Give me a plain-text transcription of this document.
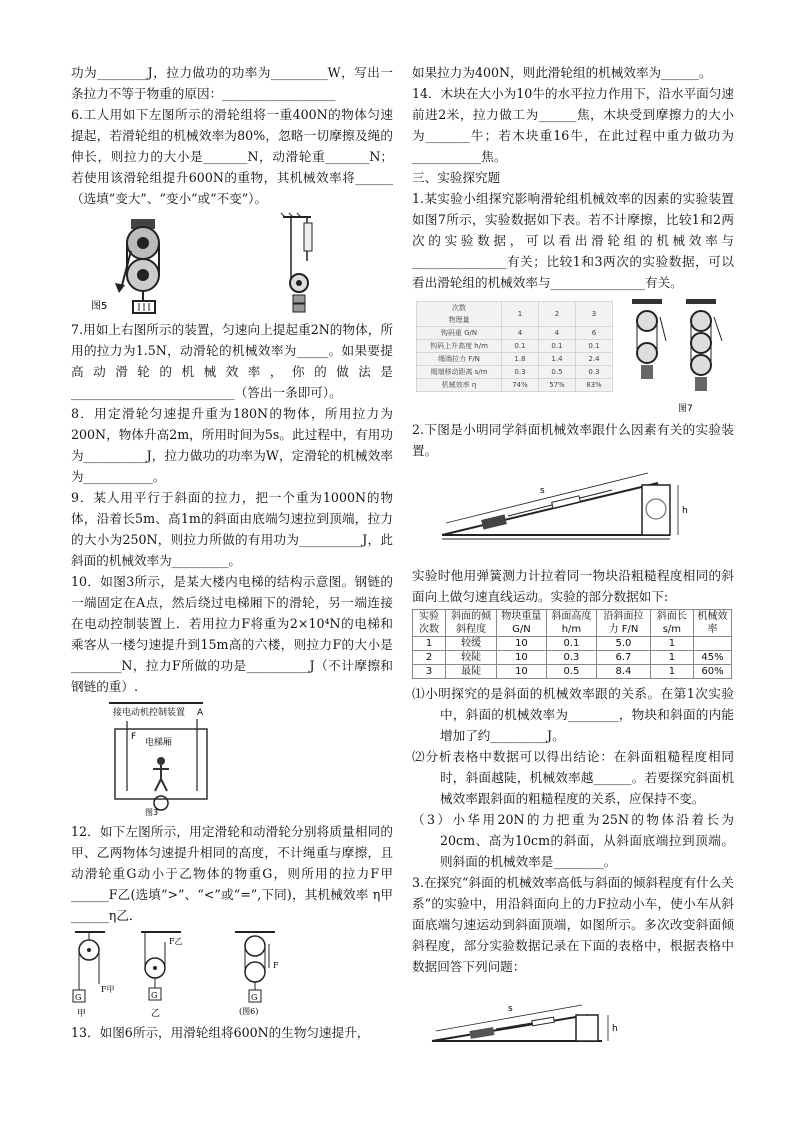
功为________J，拉力做功的功率为_________W，写出一条拉力不等于物重的原因：__________________

6.工人用如下左图所示的滑轮组将一重400N的物体匀速提起，若滑轮组的机械效率为80%，忽略一切摩擦及绳的伸长，则拉力的大小是_______N，动滑轮重_______N；若使用该滑轮组提升600N的重物，其机械效率将______（选填“变大”、“变小”或“不变”）。

图5

7.用如上右图所示的装置，匀速向上提起重2N的物体，所用的拉力为1.5N，动滑轮的机械效率为_____。如果要提高动滑轮的机械效率，你的做法是__________________________（答出一条即可）。

8．用定滑轮匀速提升重为180N的物体，所用拉力为200N，物体升高2m，所用时间为5s。此过程中，有用功为__________J，拉力做功的功率为W，定滑轮的机械效率为___________。

9．某人用平行于斜面的拉力，把一个重为1000N的物体，沿着长5m、高1m的斜面由底端匀速拉到顶端，拉力的大小为250N，则拉力所做的有用功为__________J，此斜面的机械效率为_________。

10．如图3所示，是某大楼内电梯的结构示意图。钢链的一端固定在A点，然后绕过电梯厢下的滑轮，另一端连接在电动控制装置上．若用拉力F将重为2×10⁴N的电梯和乘客从一楼匀速提升到15m高的六楼，则拉力F的大小是________N，拉力F所做的功是__________J（不计摩擦和钢链的重）.

接电动机控制装置 A
F
电梯厢
图3

12．如下左图所示，用定滑轮和动滑轮分别将质量相同的甲、乙两物体匀速提升相同的高度，不计绳重与摩擦，且动滑轮重G动小于乙物体的物重G，则所用的拉力F甲______F乙(选填“>”、“<”或“=”,下同)，其机械效率 η甲______η乙．

G
F甲
甲
G
F乙
乙
F
G
(图6)

13．如图6所示，用滑轮组将600N的生物匀速提升，

如果拉力为400N，则此滑轮组的机械效率为______。

14．木块在大小为10牛的水平拉力作用下，沿水平面匀速前进2米，拉力做工为______焦，木块受到摩擦力的大小为_______牛；若木块重16牛，在此过程中重力做功为___________焦。

三、实验探究题

1.某实验小组探究影响滑轮组机械效率的因素的实验装置如图7所示，实验数据如下表。若不计摩擦，比较1和2两次的实验数据，可以看出滑轮组的机械效率与_______________有关；比较1和3两次的实验数据，可以看出滑轮组的机械效率与_______________有关。

次数
物理量	1	2	3
钩码重 G/N	4	4	6
钩码上升高度 h/m	0.1	0.1	0.1
绳端拉力 F/N	1.8	1.4	2.4
绳端移动距离 s/m	0.3	0.5	0.3
机械效率 η	74%	57%	83%
图7

2.下图是小明同学斜面机械效率跟什么因素有关的实验装置。

s
h

实验时他用弹簧测力计拉着同一物块沿粗糙程度相同的斜面向上做匀速直线运动。实验的部分数据如下:

实验次数	斜面的倾斜程度	物块重量 G/N	斜面高度 h/m	沿斜面拉力 F/N	斜面长 s/m	机械效率
1	较缓	10	0.1	5.0	1	
2	较陡	10	0.3	6.7	1	45%
3	最陡	10	0.5	8.4	1	60%

⑴小明探究的是斜面的机械效率跟的关系。在第1次实验中，斜面的机械效率为________，物块和斜面的内能增加了约_________J。

⑵分析表格中数据可以得出结论：在斜面粗糙程度相同时，斜面越陡，机械效率越______。若要探究斜面机械效率跟斜面的粗糙程度的关系，应保持不变。

（3）小华用20N的力把重为25N的物体沿着长为20cm、高为10cm的斜面，从斜面底端拉到顶端。则斜面的机械效率是________。

3.在探究“斜面的机械效率高低与斜面的倾斜程度有什么关系”的实验中，用沿斜面向上的力F拉动小车，使小车从斜面底端匀速运动到斜面顶端，如图所示。多次改变斜面倾斜程度，部分实验数据记录在下面的表格中，根据表格中数据回答下列问题：

s
h
